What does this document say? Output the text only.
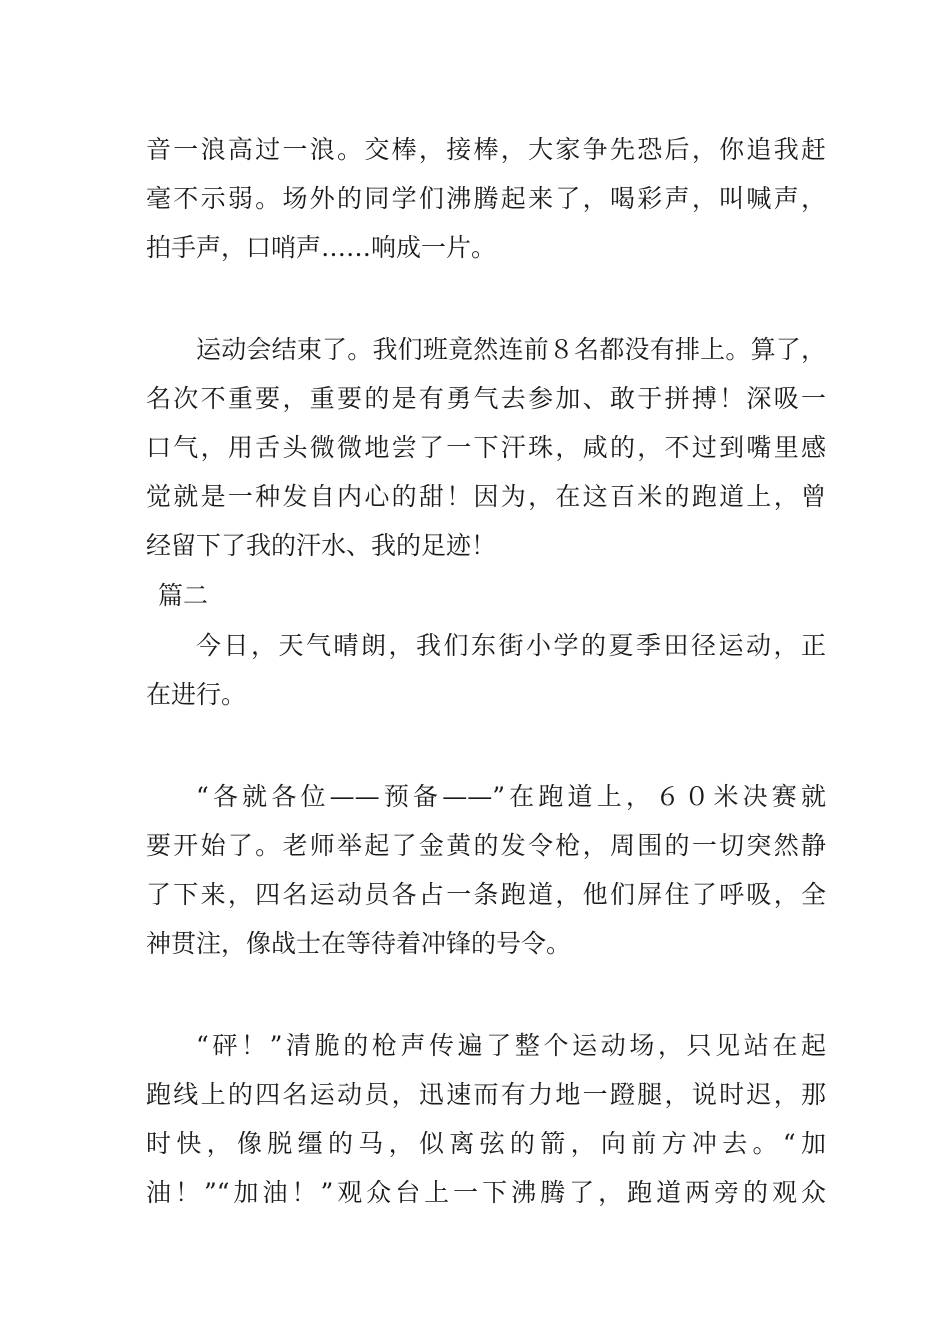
音一浪高过一浪。交棒，接棒，大家争先恐后，你追我赶
毫不示弱。场外的同学们沸腾起来了，喝彩声，叫喊声，
拍手声，口哨声……响成一片。
运动会结束了。我们班竟然连前８名都没有排上。算了，
名次不重要，重要的是有勇气去参加、敢于拼搏！深吸一
口气，用舌头微微地尝了一下汗珠，咸的，不过到嘴里感
觉就是一种发自内心的甜！因为，在这百米的跑道上，曾
经留下了我的汗水、我的足迹！
篇二
今日，天气晴朗，我们东街小学的夏季田径运动，正
在进行。
“各就各位——预备——”在跑道上，６０米决赛就
要开始了。老师举起了金黄的发令枪，周围的一切突然静
了下来，四名运动员各占一条跑道，他们屏住了呼吸，全
神贯注，像战士在等待着冲锋的号令。
“砰！”清脆的枪声传遍了整个运动场，只见站在起
跑线上的四名运动员，迅速而有力地一蹬腿，说时迟，那
时快，像脱缰的马，似离弦的箭，向前方冲去。“加
油！”“加油！”观众台上一下沸腾了，跑道两旁的观众
